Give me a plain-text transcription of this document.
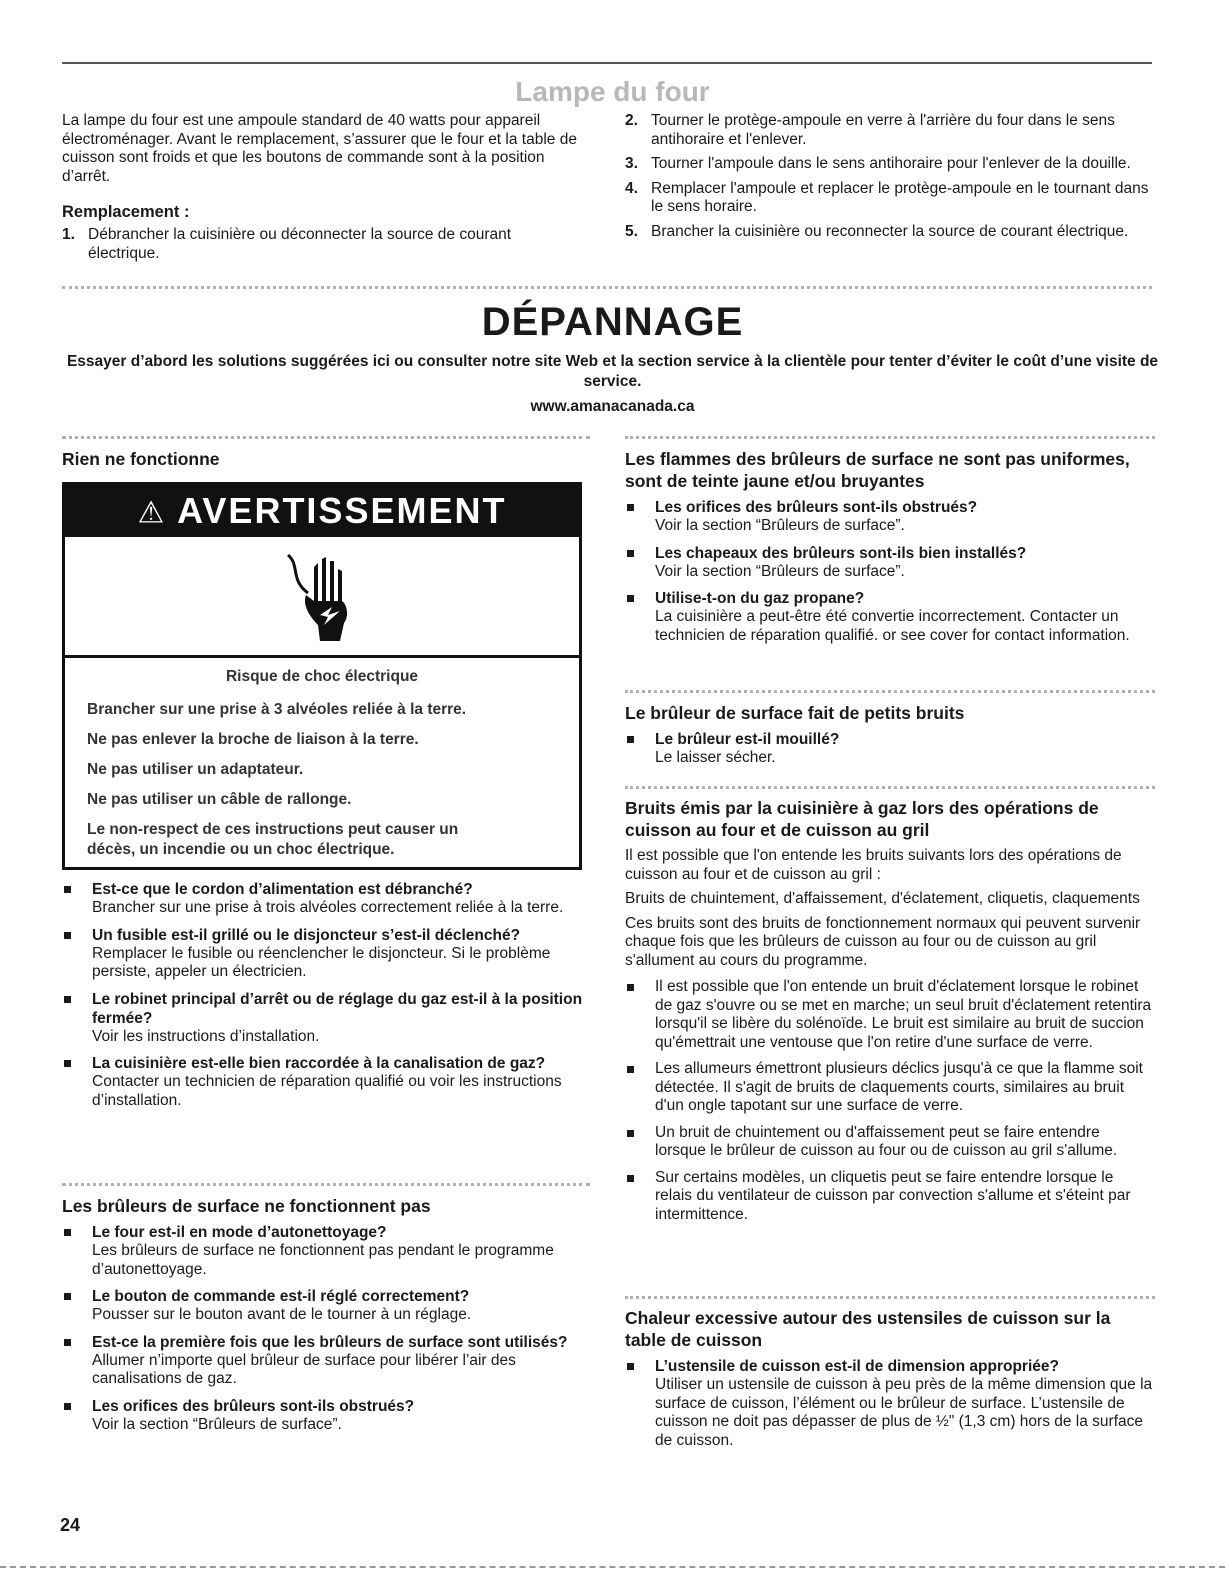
Lampe du four

La lampe du four est une ampoule standard de 40 watts pour appareil électroménager. Avant le remplacement, s’assurer que le four et la table de cuisson sont froids et que les boutons de commande sont à la position d’arrêt.

Remplacement :

1. Débrancher la cuisinière ou déconnecter la source de courant électrique.
2. Tourner le protège-ampoule en verre à l'arrière du four dans le sens antihoraire et l'enlever.
3. Tourner l'ampoule dans le sens antihoraire pour l'enlever de la douille.
4. Remplacer l'ampoule et replacer le protège-ampoule en le tournant dans le sens horaire.
5. Brancher la cuisinière ou reconnecter la source de courant électrique.
DÉPANNAGE
Essayer d’abord les solutions suggérées ici ou consulter notre site Web et la section service à la clientèle pour tenter d’éviter le coût d’une visite de service.
www.amanacanada.ca
Rien ne fonctionne
⚠ AVERTISSEMENT

Risque de choc électrique

Brancher sur une prise à 3 alvéoles reliée à la terre.

Ne pas enlever la broche de liaison à la terre.

Ne pas utiliser un adaptateur.

Ne pas utiliser un câble de rallonge.

Le non-respect de ces instructions peut causer un décès, un incendie ou un choc électrique.

Est-ce que le cordon d’alimentation est débranché?
Brancher sur une prise à trois alvéoles correctement reliée à la terre.
Un fusible est-il grillé ou le disjoncteur s’est-il déclenché?
Remplacer le fusible ou réenclencher le disjoncteur. Si le problème persiste, appeler un électricien.
Le robinet principal d’arrêt ou de réglage du gaz est-il à la position fermée?
Voir les instructions d’installation.
La cuisinière est-elle bien raccordée à la canalisation de gaz?
Contacter un technicien de réparation qualifié ou voir les instructions d’installation.

Les brûleurs de surface ne fonctionnent pas

Le four est-il en mode d’autonettoyage?
Les brûleurs de surface ne fonctionnent pas pendant le programme d’autonettoyage.
Le bouton de commande est-il réglé correctement?
Pousser sur le bouton avant de le tourner à un réglage.
Est-ce la première fois que les brûleurs de surface sont utilisés?
Allumer n’importe quel brûleur de surface pour libérer l’air des canalisations de gaz.
Les orifices des brûleurs sont-ils obstrués?
Voir la section “Brûleurs de surface”.

Les flammes des brûleurs de surface ne sont pas uniformes, sont de teinte jaune et/ou bruyantes

Les orifices des brûleurs sont-ils obstrués?
Voir la section “Brûleurs de surface”.
Les chapeaux des brûleurs sont-ils bien installés?
Voir la section “Brûleurs de surface”.
Utilise-t-on du gaz propane?
La cuisinière a peut-être été convertie incorrectement. Contacter un technicien de réparation qualifié. or see cover for contact information.

Le brûleur de surface fait de petits bruits

Le brûleur est-il mouillé?
Le laisser sécher.

Bruits émis par la cuisinière à gaz lors des opérations de cuisson au four et de cuisson au gril

Il est possible que l'on entende les bruits suivants lors des opérations de cuisson au four et de cuisson au gril :

Bruits de chuintement, d'affaissement, d'éclatement, cliquetis, claquements

Ces bruits sont des bruits de fonctionnement normaux qui peuvent survenir chaque fois que les brûleurs de cuisson au four ou de cuisson au gril s'allument au cours du programme.

Il est possible que l'on entende un bruit d'éclatement lorsque le robinet de gaz s'ouvre ou se met en marche; un seul bruit d'éclatement retentira lorsqu'il se libère du solénoïde. Le bruit est similaire au bruit de succion qu'émettrait une ventouse que l'on retire d'une surface de verre.
Les allumeurs émettront plusieurs déclics jusqu'à ce que la flamme soit détectée. Il s'agit de bruits de claquements courts, similaires au bruit d'un ongle tapotant sur une surface de verre.
Un bruit de chuintement ou d'affaissement peut se faire entendre lorsque le brûleur de cuisson au four ou de cuisson au gril s'allume.
Sur certains modèles, un cliquetis peut se faire entendre lorsque le relais du ventilateur de cuisson par convection s'allume et s'éteint par intermittence.

Chaleur excessive autour des ustensiles de cuisson sur la table de cuisson

L’ustensile de cuisson est-il de dimension appropriée?
Utiliser un ustensile de cuisson à peu près de la même dimension que la surface de cuisson, l’élément ou le brûleur de surface. L’ustensile de cuisson ne doit pas dépasser de plus de ½" (1,3 cm) hors de la surface de cuisson.
24
